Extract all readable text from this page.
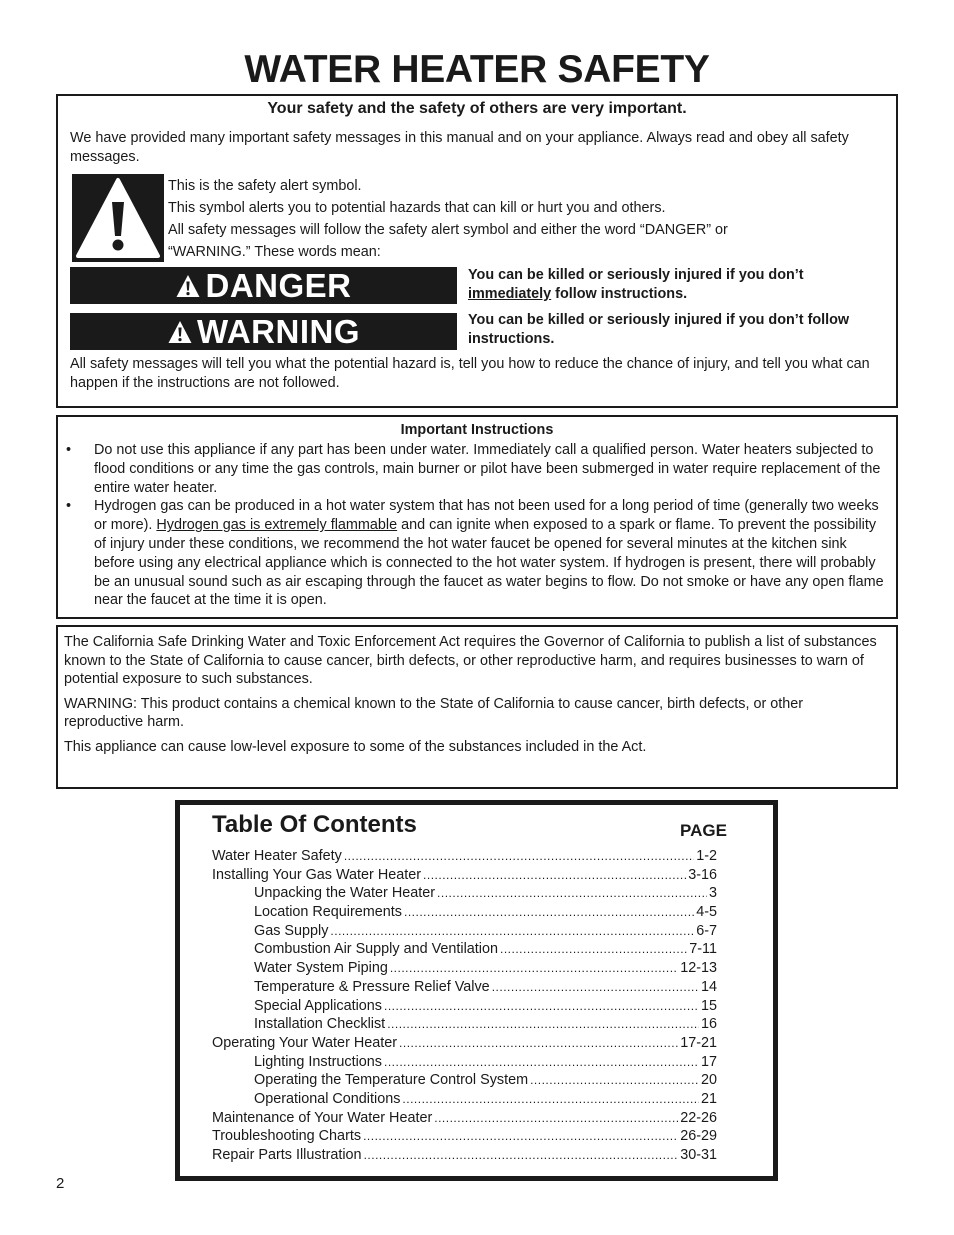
WATER HEATER SAFETY
Your safety and the safety of others are very important.
We have provided many important safety messages in this manual and on your appliance. Always read and obey all safety messages.
This is the safety alert symbol.
This symbol alerts you to potential hazards that can kill or hurt you and others.
All safety messages will follow the safety alert symbol and either the word “DANGER” or
“WARNING.” These words mean:
DANGER	You can be killed or seriously injured if you don’t immediately follow instructions.
WARNING	You can be killed or seriously injured if you don’t follow instructions.
All safety messages will tell you what the potential hazard is, tell you how to reduce the chance of injury, and tell you what can happen if the instructions are not followed.
Important Instructions
• Do not use this appliance if any part has been under water. Immediately call a qualified person. Water heaters subjected to flood conditions or any time the gas controls, main burner or pilot have been submerged in water require replacement of the entire water heater.
• Hydrogen gas can be produced in a hot water system that has not been used for a long period of time (generally two weeks or more). Hydrogen gas is extremely flammable and can ignite when exposed to a spark or flame. To prevent the possibility of injury under these conditions, we recommend the hot water faucet be opened for several minutes at the kitchen sink before using any electrical appliance which is connected to the hot water system. If hydrogen is present, there will probably be an unusual sound such as air escaping through the faucet as water begins to flow. Do not smoke or have any open flame near the faucet at the time it is open.

The California Safe Drinking Water and Toxic Enforcement Act requires the Governor of California to publish a list of substances known to the State of California to cause cancer, birth defects, or other reproductive harm, and requires businesses to warn of potential exposure to such substances.

WARNING: This product contains a chemical known to the State of California to cause cancer, birth defects, or other reproductive harm.

This appliance can cause low-level exposure to some of the substances included in the Act.

Table Of Contents	PAGE
Water Heater Safety .....	1-2
Installing Your Gas Water Heater .....	3-16
Unpacking the Water Heater .....	3
Location Requirements .....	4-5
Gas Supply .....	6-7
Combustion Air Supply and Ventilation .....	7-11
Water System Piping .....	12-13
Temperature & Pressure Relief Valve .....	14
Special Applications .....	15
Installation Checklist .....	16
Operating Your Water Heater .....	17-21
Lighting Instructions .....	17
Operating the Temperature Control System .....	20
Operational Conditions .....	21
Maintenance of Your Water Heater .....	22-26
Troubleshooting Charts .....	26-29
Repair Parts Illustration .....	30-31
2
